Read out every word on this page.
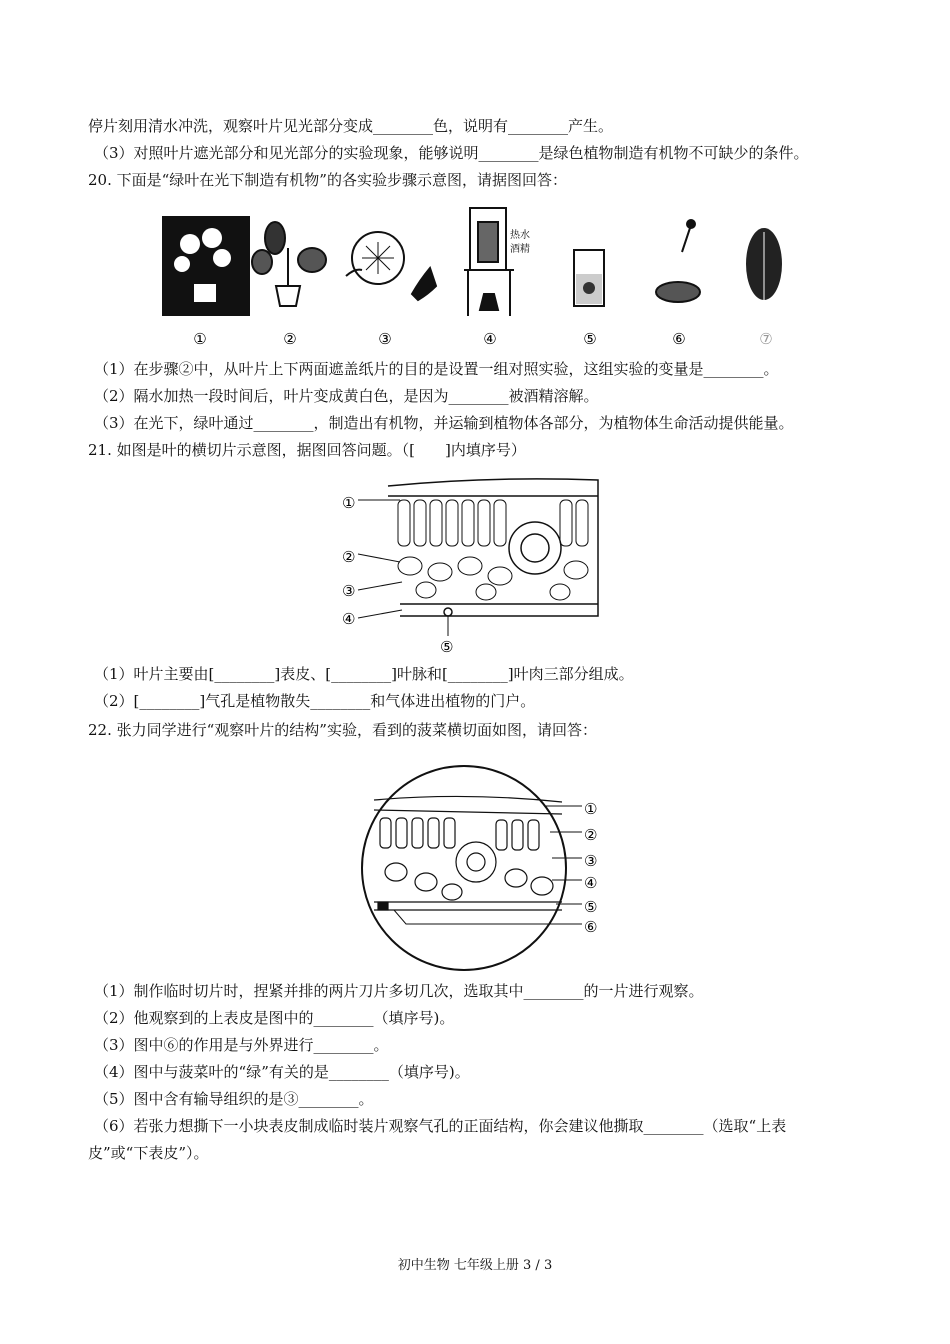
停片刻用清水冲洗，观察叶片见光部分变成________色，说明有________产生。
（3）对照叶片遮光部分和见光部分的实验现象，能够说明________是绿色植物制造有机物不可缺少的条件。
20. 下面是“绿叶在光下制造有机物”的各实验步骤示意图，请据图回答：
热水
酒精
①	②	③	④	⑤	⑥	⑦
（1）在步骤②中，从叶片上下两面遮盖纸片的目的是设置一组对照实验，这组实验的变量是________。
（2）隔水加热一段时间后，叶片变成黄白色，是因为________被酒精溶解。
（3）在光下，绿叶通过________，制造出有机物，并运输到植物体各部分，为植物体生命活动提供能量。
21. 如图是叶的横切片示意图，据图回答问题。（[　　]内填序号）
①
②
③
④
⑤
（1）叶片主要由[________]表皮、[________]叶脉和[________]叶肉三部分组成。
（2）[________]气孔是植物散失________和气体进出植物的门户。
22. 张力同学进行“观察叶片的结构”实验，看到的菠菜横切面如图，请回答：
①
②
③
④
⑤
⑥
（1）制作临时切片时，捏紧并排的两片刀片多切几次，选取其中________的一片进行观察。
（2）他观察到的上表皮是图中的________（填序号)。
（3）图中⑥的作用是与外界进行________。
（4）图中与菠菜叶的“绿”有关的是________（填序号)。
（5）图中含有输导组织的是③________。
（6）若张力想撕下一小块表皮制成临时装片观察气孔的正面结构，你会建议他撕取________（选取“上表
皮”或“下表皮”）。
初中生物 七年级上册 3 / 3
